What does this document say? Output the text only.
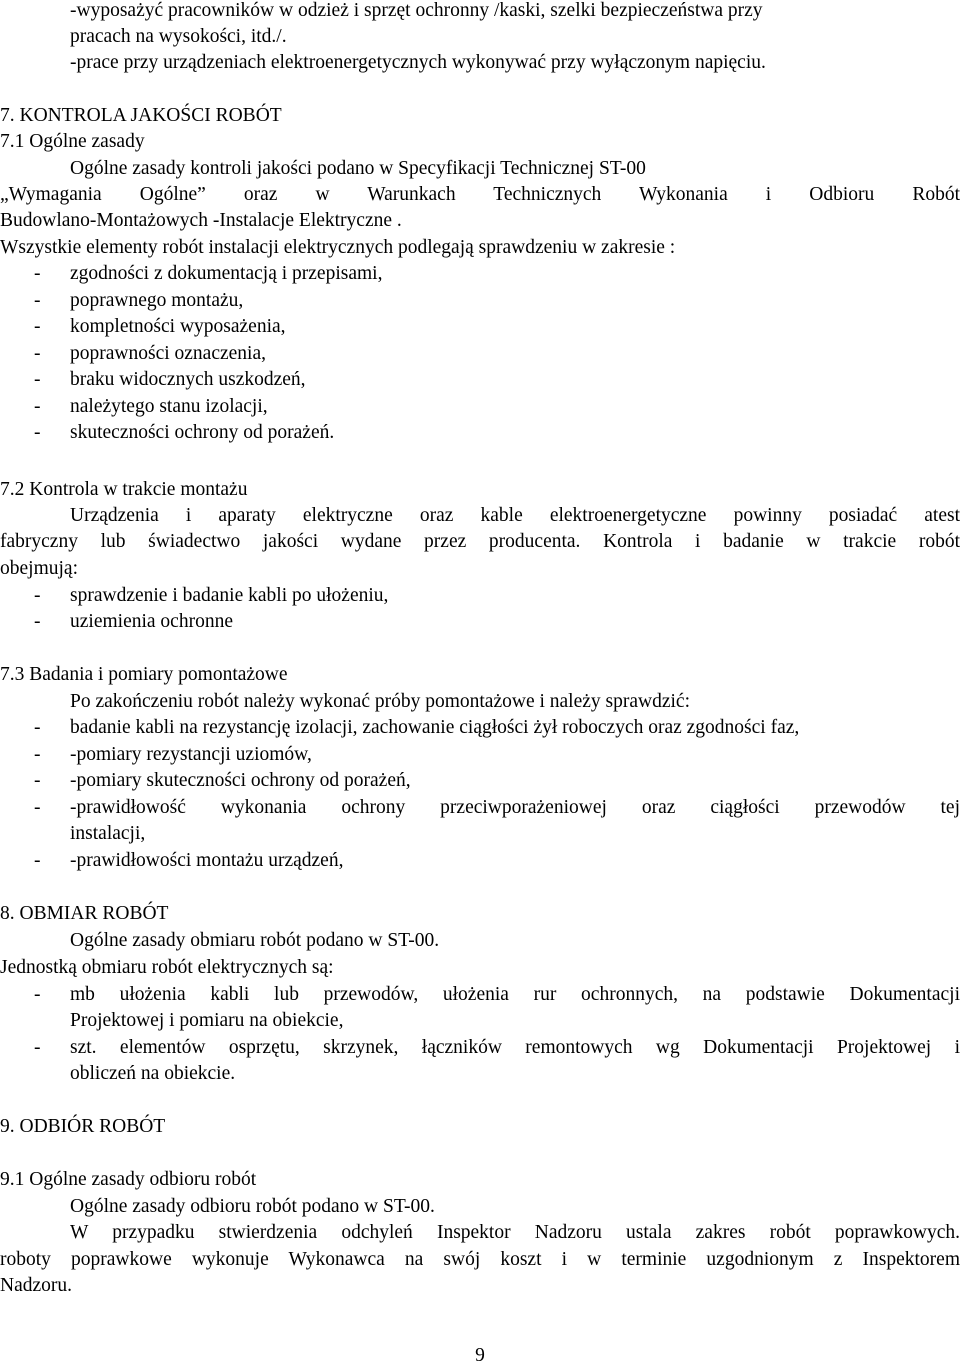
-wyposażyć pracowników w odzież i sprzęt ochronny /kaski, szelki bezpieczeństwa przy
pracach na wysokości, itd./.
-prace przy urządzeniach elektroenergetycznych wykonywać przy wyłączonym napięciu.
7. KONTROLA JAKOŚCI ROBÓT
7.1 Ogólne zasady
Ogólne zasady kontroli jakości podano w Specyfikacji Technicznej ST-00
„Wymagania Ogólne” oraz w Warunkach Technicznych Wykonania i Odbioru Robót
Budowlano-Montażowych -Instalacje Elektryczne .
Wszystkie elementy robót instalacji elektrycznych podlegają sprawdzeniu w zakresie :
- zgodności z dokumentacją i przepisami,
- poprawnego montażu,
- kompletności wyposażenia,
- poprawności oznaczenia,
- braku widocznych uszkodzeń,
- należytego stanu izolacji,
- skuteczności ochrony od porażeń.
7.2 Kontrola w trakcie montażu
Urządzenia i aparaty elektryczne oraz kable elektroenergetyczne powinny posiadać atest
fabryczny lub świadectwo jakości wydane przez producenta. Kontrola i badanie w trakcie robót
obejmują:
- sprawdzenie i badanie kabli po ułożeniu,
- uziemienia ochronne
7.3 Badania i pomiary pomontażowe
Po zakończeniu robót należy wykonać próby pomontażowe i należy sprawdzić:
- badanie kabli na rezystancję izolacji, zachowanie ciągłości żył roboczych oraz zgodności faz,
- -pomiary rezystancji uziomów,
- -pomiary skuteczności ochrony od porażeń,
- -prawidłowość wykonania ochrony przeciwporażeniowej oraz ciągłości przewodów tej
instalacji,
- -prawidłowości montażu urządzeń,
8. OBMIAR ROBÓT
Ogólne zasady obmiaru robót podano w ST-00.
Jednostką obmiaru robót elektrycznych są:
- mb ułożenia kabli lub przewodów, ułożenia rur ochronnych, na podstawie Dokumentacji
Projektowej i pomiaru na obiekcie,
- szt. elementów osprzętu, skrzynek, łączników remontowych wg Dokumentacji Projektowej i
obliczeń na obiekcie.
9. ODBIÓR ROBÓT
9.1 Ogólne zasady odbioru robót
Ogólne zasady odbioru robót podano w ST-00.
W przypadku stwierdzenia odchyleń Inspektor Nadzoru ustala zakres robót poprawkowych.
roboty poprawkowe wykonuje Wykonawca na swój koszt i w terminie uzgodnionym z Inspektorem
Nadzoru.
9
